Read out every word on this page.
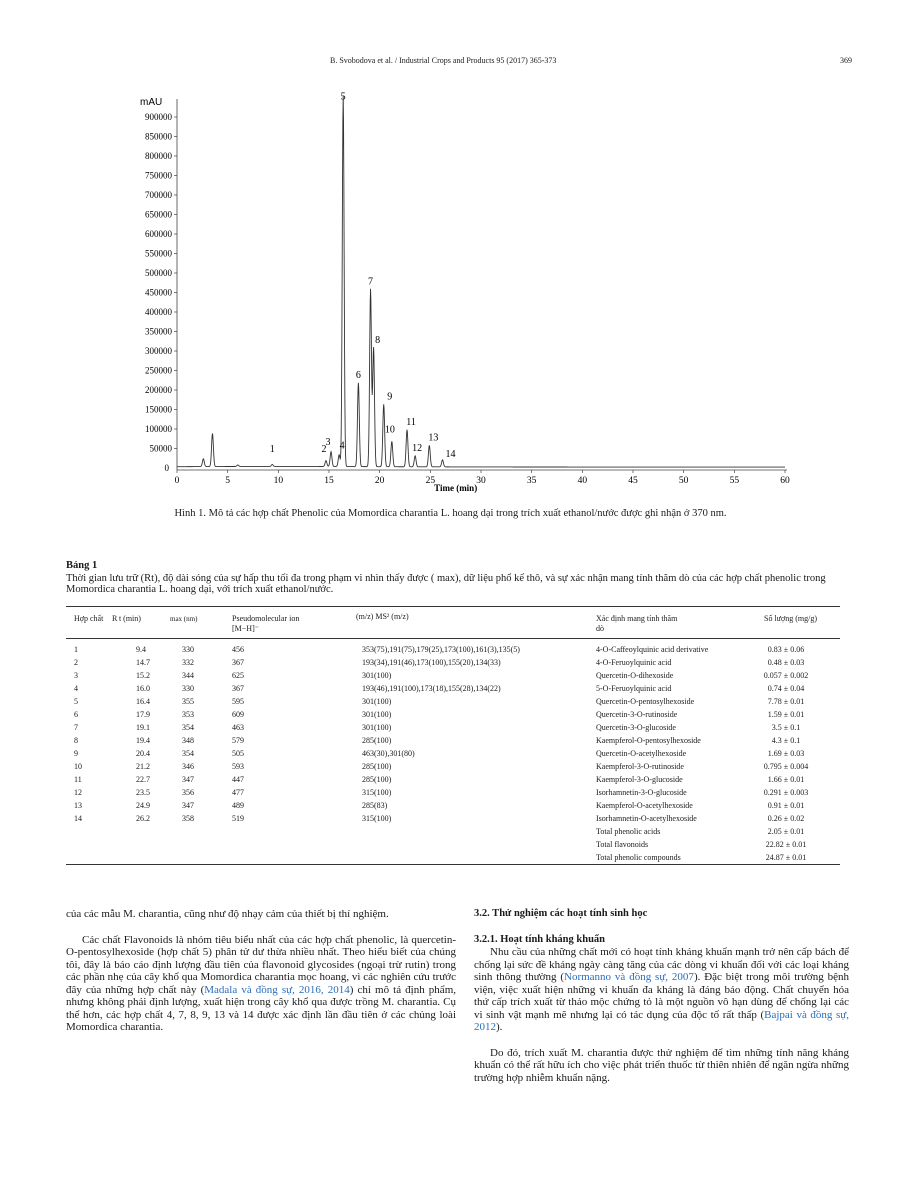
B. Svobodova et al. / Industrial Crops and Products 95 (2017) 365-373	369
mAU
50000
100000
150000
200000
250000
300000
350000
400000
450000
500000
550000
600000
650000
700000
750000
800000
850000
900000
0
0	5	10	15	20	25	30	35	40	45	50	55	60
Time (min)
1	2
3 4
5
6
7
8
9
10
11
12
13
14
Hình 1. Mô tả các hợp chất Phenolic của Momordica charantia L. hoang dại trong trích xuất ethanol/nước được ghi nhận ở 370 nm.
Bảng 1
Thời gian lưu trữ (Rt), độ dài sóng của sự hấp thu tối đa trong phạm vi nhìn thấy được ( max), dữ liệu phổ kế thô, và sự xác nhận mang tính thăm dò của các hợp chất phenolic trong Momordica charantia L. hoang dại, với trích xuất ethanol/nước.
Hợp chất R t (min)	max (nm)	Pseudomolecular ion [M−H]⁻
(m/z) MS² (m/z)	Xác định mang tính thăm dò
Số lượng (mg/g)
1	9.4	330	456	353(75),191(75),179(25),173(100),161(3),135(5)	4-O-Caffeoylquinic acid derivative	0.83 ± 0.06
2	14.7	332	367	193(34),191(46),173(100),155(20),134(33)	4-O-Feruoylquinic acid	0.48 ± 0.03
3	15.2	344	625	301(100)	Quercetin-O-dihexoside	0.057 ± 0.002
4	16.0	330	367	193(46),191(100),173(18),155(28),134(22)	5-O-Feruoylquinic acid	0.74 ± 0.04
5	16.4	355	595	301(100)	Quercetin-O-pentosylhexoside	7.78 ± 0.01
6	17.9	353	609	301(100)	Quercetin-3-O-rutinoside	1.59 ± 0.01
7	19.1	354	463	301(100)	Quercetin-3-O-glucoside	3.5 ± 0.1
8	19.4	348	579	285(100)	Kaempferol-O-pentosylhexoside	4.3 ± 0.1
9	20.4	354	505	463(30),301(80)	Quercetin-O-acetylhexoside	1.69 ± 0.03
10	21.2	346	593	285(100)	Kaempferol-3-O-rutinoside	0.795 ± 0.004
11	22.7	347	447	285(100)	Kaempferol-3-O-glucoside	1.66 ± 0.01
12	23.5	356	477	315(100)	Isorhamnetin-3-O-glucoside	0.291 ± 0.003
13	24.9	347	489	285(83)	Kaempferol-O-acetylhexoside	0.91 ± 0.01
14	26.2	358	519	315(100)	Isorhamnetin-O-acetylhexoside	0.26 ± 0.02
Total phenolic acids	2.05 ± 0.01
Total flavonoids	22.82 ± 0.01
Total phenolic compounds	24.87 ± 0.01

của các mẫu M. charantia, cũng như độ nhạy cảm của thiết bị thí nghiệm.

Các chất Flavonoids là nhóm tiêu biểu nhất của các hợp chất phenolic, là quercetin-O-pentosylhexoside (hợp chất 5) phân tử dư thừa nhiều nhất. Theo hiểu biết của chúng tôi, đây là báo cáo định lượng đầu tiên của flavonoid glycosides (ngoại trừ rutin) trong các phần nhẹ của cây khổ qua Momordica charantia mọc hoang, vì các nghiên cứu trước đây của những hợp chất này (Madala và đồng sự, 2016, 2014) chỉ mô tả định phẩm, nhưng không phải định lượng, xuất hiện trong cây khổ qua được trồng M. charantia. Cụ thể hơn, các hợp chất 4, 7, 8, 9, 13 và 14 được xác định lần đầu tiên ở các chủng loài Momordica charantia.

3.2. Thử nghiệm các hoạt tính sinh học

3.2.1. Hoạt tính kháng khuẩn

Nhu cầu của những chất mới có hoạt tính kháng khuẩn mạnh trở nên cấp bách để chống lại sức đề kháng ngày càng tăng của các dòng vi khuẩn đối với các loại kháng sinh thông thường (Normanno và đồng sự, 2007). Đặc biệt trong môi trường bệnh viện, việc xuất hiện những vi khuẩn đa kháng là đáng báo động. Chất chuyển hóa thứ cấp trích xuất từ thảo mộc chứng tỏ là một nguồn vô hạn dùng để chống lại các vi sinh vật mạnh mẽ nhưng lại có tác dụng của độc tố rất thấp (Bajpai và đồng sự, 2012).

Do đó, trích xuất M. charantia được thử nghiệm để tìm những tính năng kháng khuẩn có thể rất hữu ích cho việc phát triển thuốc từ thiên nhiên để ngăn ngừa những trường hợp nhiễm khuẩn nặng.
